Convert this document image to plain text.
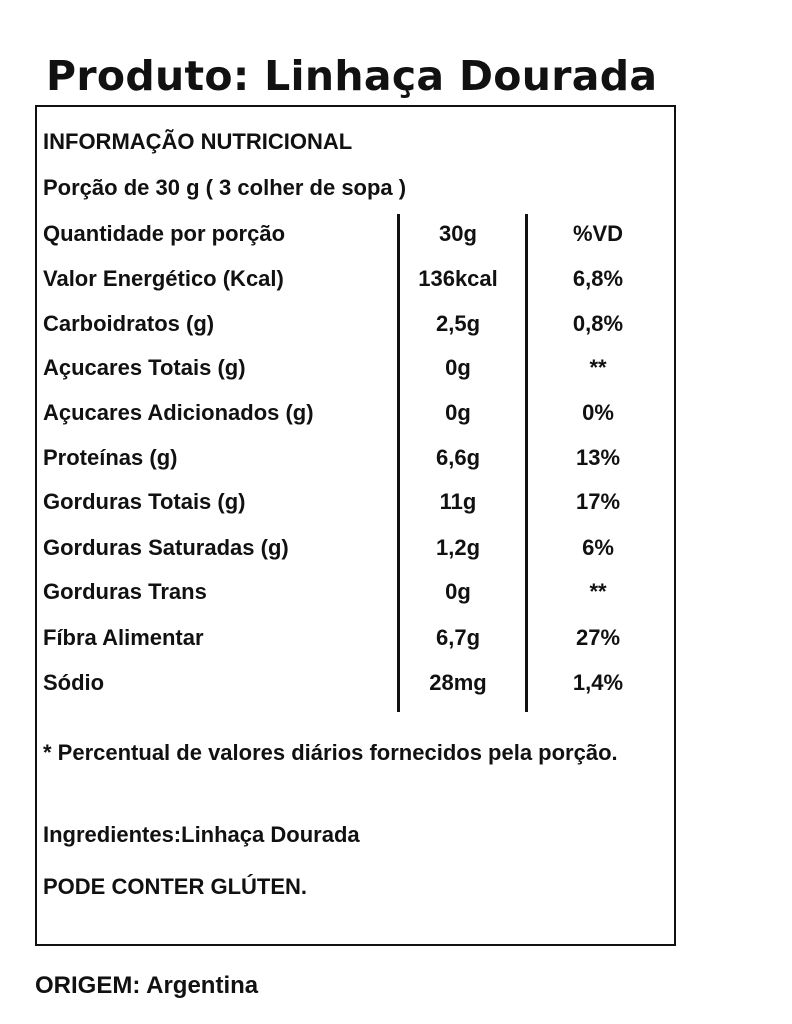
Produto: Linhaça Dourada
INFORMAÇÃO NUTRICIONAL
Porção de 30 g ( 3 colher de sopa )
Quantidade por porção	30g	%VD
Valor Energético (Kcal)	136kcal	6,8%
Carboidratos (g)	2,5g	0,8%
Açucares Totais (g)	0g	**
Açucares Adicionados (g)	0g	0%
Proteínas (g)	6,6g	13%
Gorduras Totais (g)	11g	17%
Gorduras Saturadas (g)	1,2g	6%
Gorduras Trans	0g	**
Fíbra Alimentar	6,7g	27%
Sódio	28mg	1,4%
* Percentual de valores diários fornecidos pela porção.
Ingredientes:Linhaça Dourada
PODE CONTER GLÚTEN.
ORIGEM: Argentina
